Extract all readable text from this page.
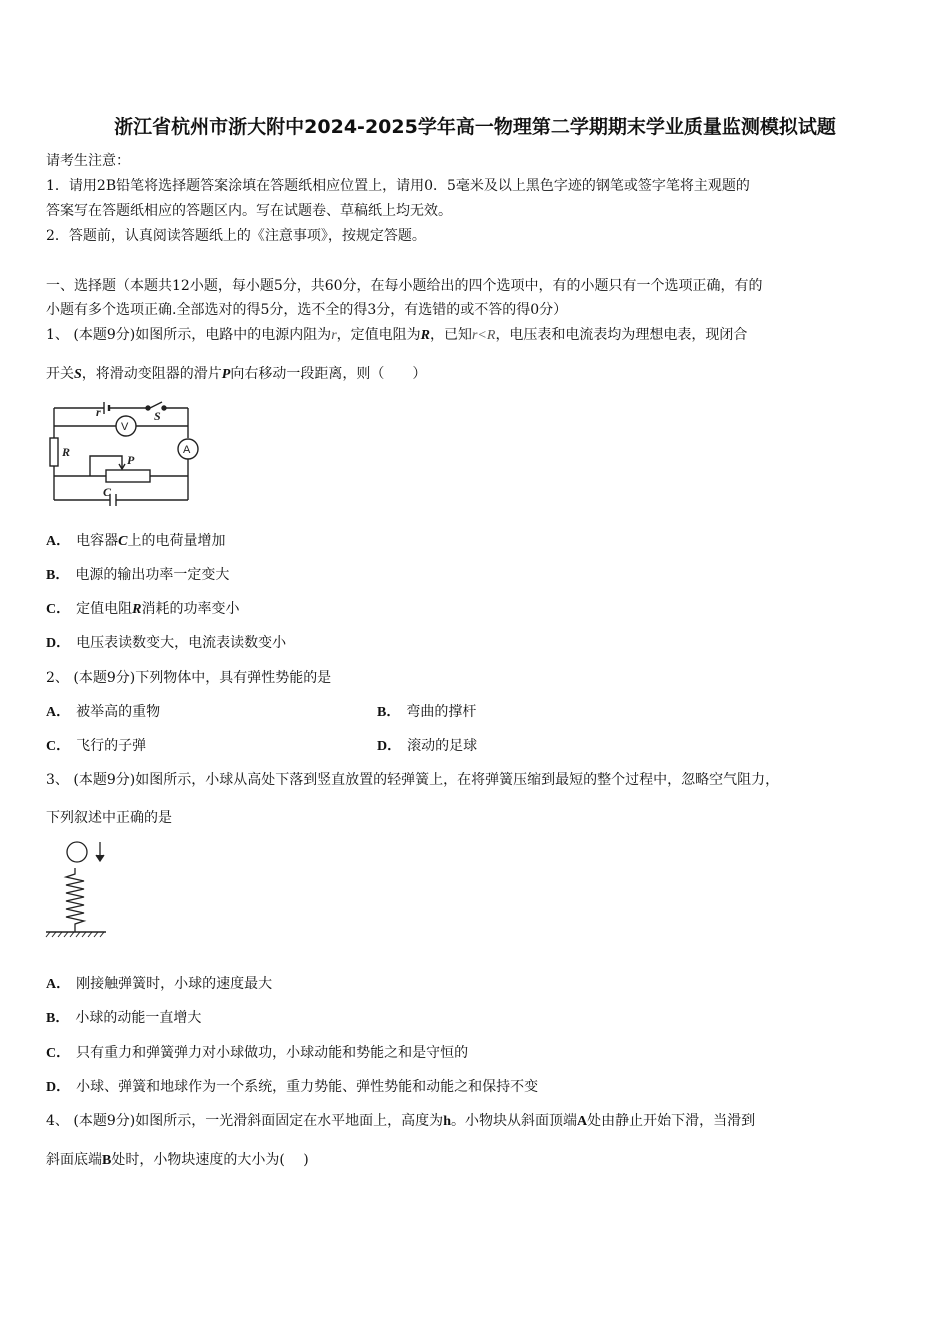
浙江省杭州市浙大附中2024-2025学年高一物理第二学期期末学业质量监测模拟试题
请考生注意：
1．请用2B铅笔将选择题答案涂填在答题纸相应位置上，请用0．5毫米及以上黑色字迹的钢笔或签字笔将主观题的
答案写在答题纸相应的答题区内。写在试题卷、草稿纸上均无效。
2．答题前，认真阅读答题纸上的《注意事项》，按规定答题。
一、选择题（本题共12小题，每小题5分，共60分，在每小题给出的四个选项中，有的小题只有一个选项正确，有的
小题有多个选项正确.全部选对的得5分，选不全的得3分，有选错的或不答的得0分）
1、 (本题9分)如图所示，电路中的电源内阻为r，定值电阻为R，已知r<R，电压表和电流表均为理想电表，现闭合
开关S，将滑动变阻器的滑片P向右移动一段距离，则（　　）
r	S
V
A
R
P
C
A． 电容器C上的电荷量增加
B． 电源的输出功率一定变大
C． 定值电阻R消耗的功率变小
D． 电压表读数变大，电流表读数变小
2、 (本题9分)下列物体中，具有弹性势能的是
A． 被举高的重物	B． 弯曲的撑杆
C． 飞行的子弹	D． 滚动的足球
3、 (本题9分)如图所示，小球从高处下落到竖直放置的轻弹簧上，在将弹簧压缩到最短的整个过程中，忽略空气阻力，
下列叙述中正确的是
A． 刚接触弹簧时，小球的速度最大
B． 小球的动能一直增大
C． 只有重力和弹簧弹力对小球做功，小球动能和势能之和是守恒的
D． 小球、弹簧和地球作为一个系统，重力势能、弹性势能和动能之和保持不变
4、 (本题9分)如图所示，一光滑斜面固定在水平地面上，高度为h。小物块从斜面顶端A处由静止开始下滑，当滑到
斜面底端B处时，小物块速度的大小为(　 )
